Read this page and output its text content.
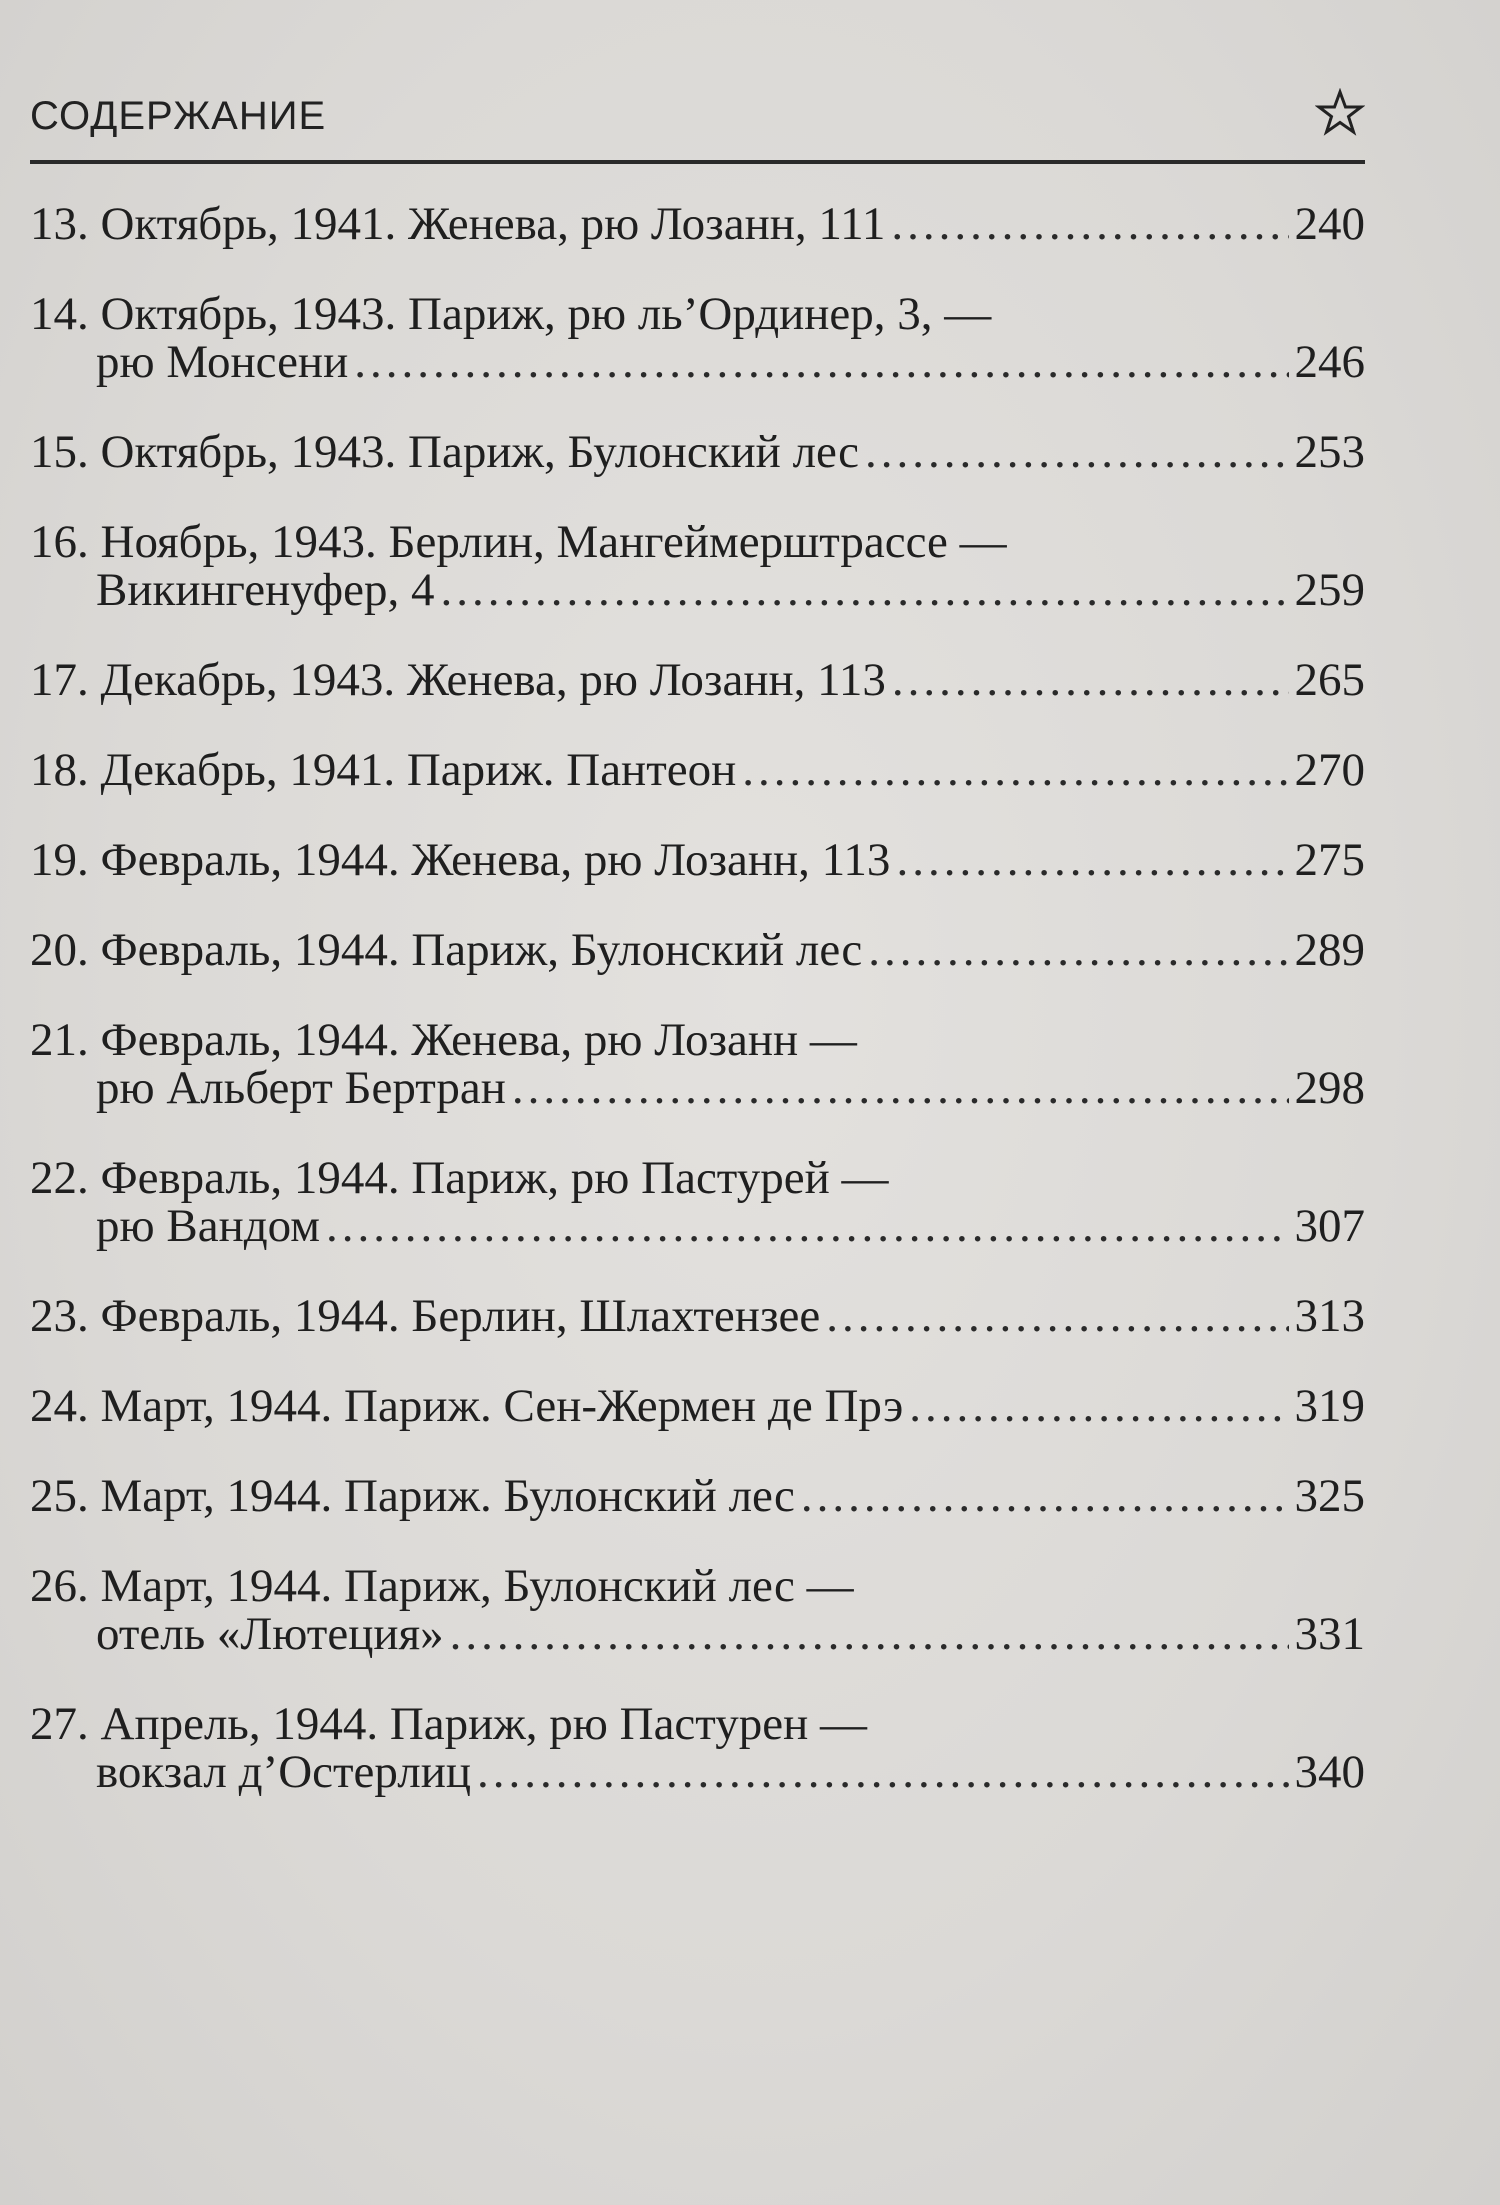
СОДЕРЖАНИЕ
13.
Октябрь, 1941. Женева, рю Лозанн, 111 .....	240
14.
Октябрь, 1943. Париж, рю ль’Ординер, 3, —
рю Монсени .....	246
15.
Октябрь, 1943. Париж, Булонский лес .....	253
16.
Ноябрь, 1943. Берлин, Мангеймерштрассе —
Викингенуфер, 4 .....	259
17.
Декабрь, 1943. Женева, рю Лозанн, 113 .....	265
18.
Декабрь, 1941. Париж. Пантеон .....	270
19.
Февраль, 1944. Женева, рю Лозанн, 113 .....	275
20.
Февраль, 1944. Париж, Булонский лес .....	289
21.
Февраль, 1944. Женева, рю Лозанн —
рю Альберт Бертран .....	298
22.
Февраль, 1944. Париж, рю Пастурей —
рю Вандом .....	307
23.
Февраль, 1944. Берлин, Шлахтензее .....	313
24.
Март, 1944. Париж. Сен-Жермен де Прэ .....	319
25.
Март, 1944. Париж. Булонский лес .....	325
26.
Март, 1944. Париж, Булонский лес —
отель «Лютеция» .....	331
27.
Апрель, 1944. Париж, рю Пастурен —
вокзал д’Остерлиц .....	340
